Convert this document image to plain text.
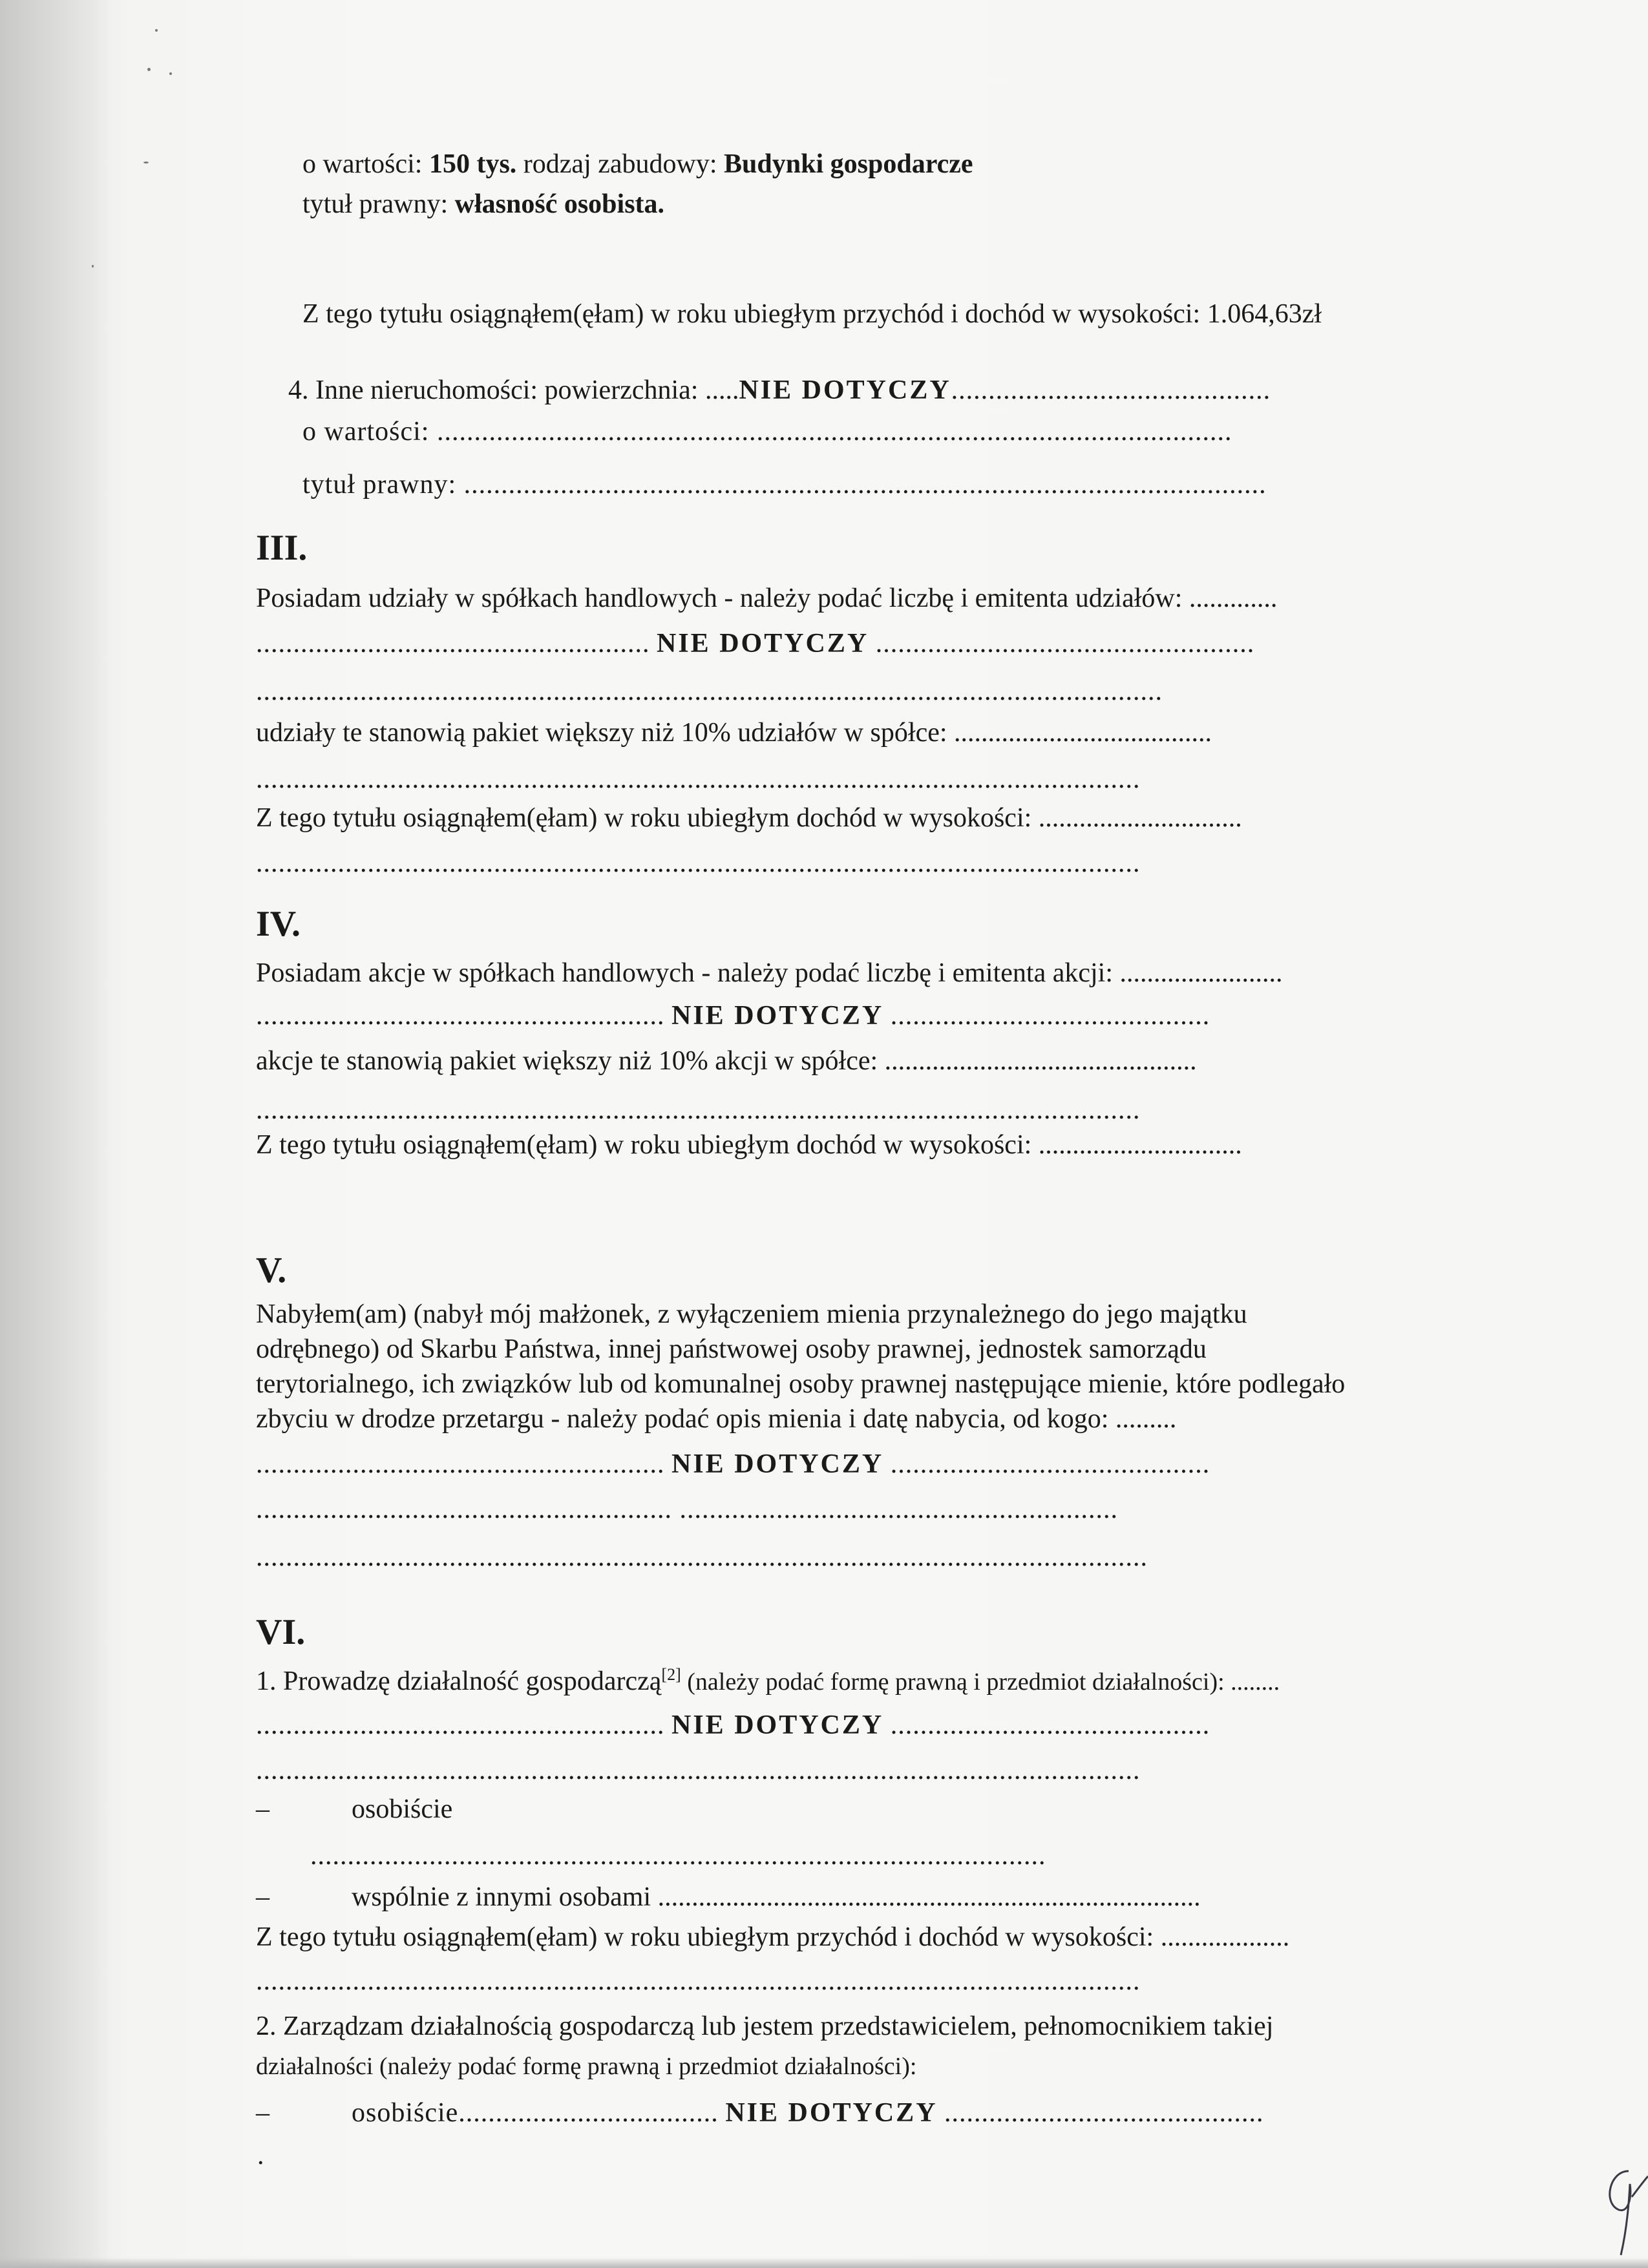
o wartości: 150 tys. rodzaj zabudowy: Budynki gospodarcze
tytuł prawny: własność osobista.
Z tego tytułu osiągnąłem(ęłam) w roku ubiegłym przychód i dochód w wysokości: 1.064,63zł
4. Inne nieruchomości: powierzchnia: .....NIE DOTYCZY...........................................
o wartości: ...........................................................................................................
tytuł prawny: ............................................................................................................
III.
Posiadam udziały w spółkach handlowych - należy podać liczbę i emitenta udziałów: .............
..................................................... NIE DOTYCZY ...................................................
..........................................................................................................................
udziały te stanowią pakiet większy niż 10% udziałów w spółce: ......................................
.......................................................................................................................
Z tego tytułu osiągnąłem(ęłam) w roku ubiegłym dochód w wysokości: ..............................
.......................................................................................................................
IV.
Posiadam akcje w spółkach handlowych - należy podać liczbę i emitenta akcji: ........................
....................................................... NIE DOTYCZY ...........................................
akcje te stanowią pakiet większy niż 10% akcji w spółce: ..............................................
.......................................................................................................................
Z tego tytułu osiągnąłem(ęłam) w roku ubiegłym dochód w wysokości: ..............................
V.
Nabyłem(am) (nabył mój małżonek, z wyłączeniem mienia przynależnego do jego majątku
odrębnego) od Skarbu Państwa, innej państwowej osoby prawnej, jednostek samorządu
terytorialnego, ich związków lub od komunalnej osoby prawnej następujące mienie, które podlegało
zbyciu w drodze przetargu - należy podać opis mienia i datę nabycia, od kogo: .........
....................................................... NIE DOTYCZY ...........................................
........................................................ ...........................................................
........................................................................................................................
VI.
1. Prowadzę działalność gospodarczą[2] (należy podać formę prawną i przedmiot działalności): ........
....................................................... NIE DOTYCZY ...........................................
.......................................................................................................................
–	osobiście
...................................................................................................
–	wspólnie z innymi osobami ................................................................................
Z tego tytułu osiągnąłem(ęłam) w roku ubiegłym przychód i dochód w wysokości: ...................
.......................................................................................................................
2. Zarządzam działalnością gospodarczą lub jestem przedstawicielem, pełnomocnikiem takiej
działalności (należy podać formę prawną i przedmiot działalności):
–	osobiście................................... NIE DOTYCZY ...........................................
.
